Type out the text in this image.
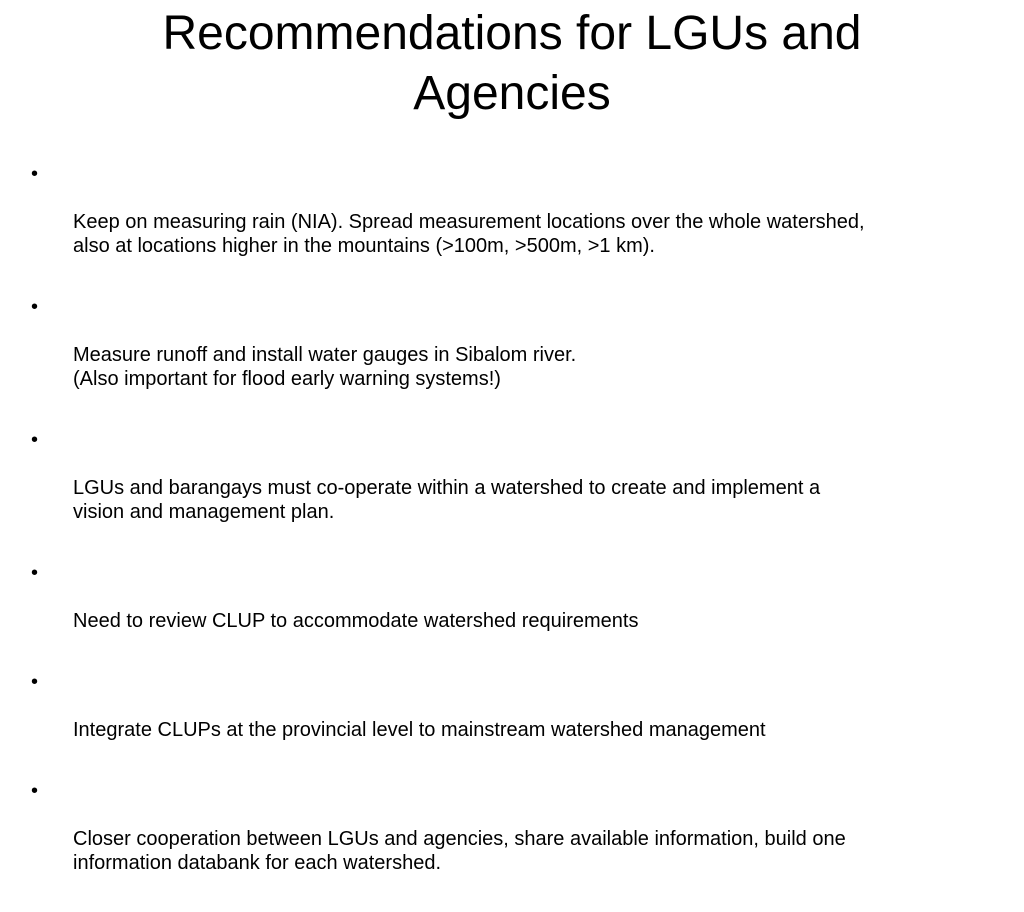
Recommendations for LGUs and
Agencies

•

Keep on measuring rain (NIA). Spread measurement locations over the whole watershed,
also at locations higher in the mountains (>100m, >500m, >1 km).

•

Measure runoff and install water gauges in Sibalom river.
(Also important for flood early warning systems!)

•

LGUs and barangays must co-operate within a watershed to create and implement a
vision and management plan.

•

Need to review CLUP to accommodate watershed requirements

•

Integrate CLUPs at the provincial level to mainstream watershed management

•

Closer cooperation between LGUs and agencies, share available information, build one
information databank for each watershed.
